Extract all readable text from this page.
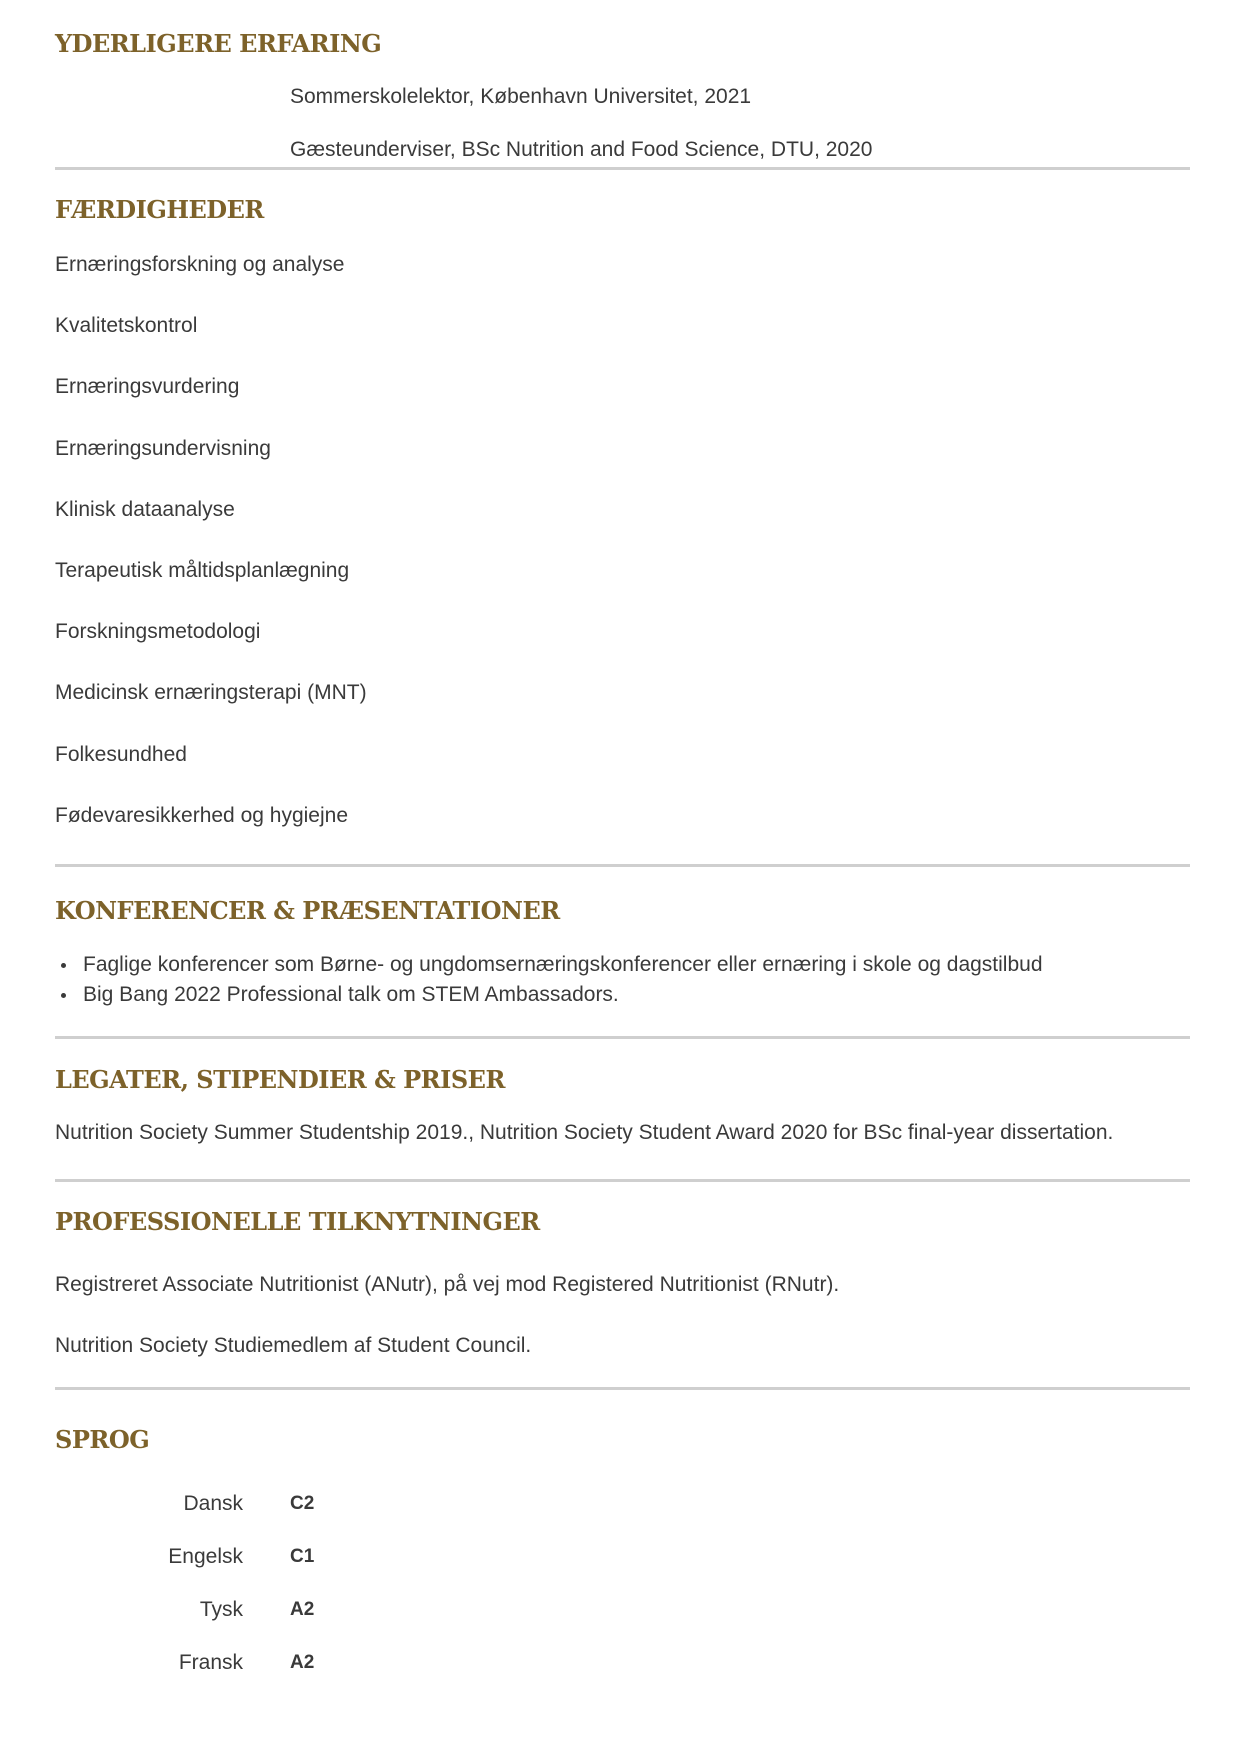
YDERLIGERE ERFARING

Sommerskolelektor, København Universitet, 2021

Gæsteunderviser, BSc Nutrition and Food Science, DTU, 2020

FÆRDIGHEDER
Ernæringsforskning og analyse
Kvalitetskontrol
Ernæringsvurdering
Ernæringsundervisning
Klinisk dataanalyse
Terapeutisk måltidsplanlægning
Forskningsmetodologi
Medicinsk ernæringsterapi (MNT)
Folkesundhed
Fødevaresikkerhed og hygiejne
KONFERENCER & PRÆSENTATIONER
Faglige konferencer som Børne- og ungdomsernæringskonferencer eller ernæring i skole og dagstilbud
Big Bang 2022 Professional talk om STEM Ambassadors.
LEGATER, STIPENDIER & PRISER

Nutrition Society Summer Studentship 2019., Nutrition Society Student Award 2020 for BSc final-year dissertation.

PROFESSIONELLE TILKNYTNINGER

Registreret Associate Nutritionist (ANutr), på vej mod Registered Nutritionist (RNutr).

Nutrition Society Studiemedlem af Student Council.

SPROG
Dansk C2
Engelsk C1
Tysk A2
Fransk A2
